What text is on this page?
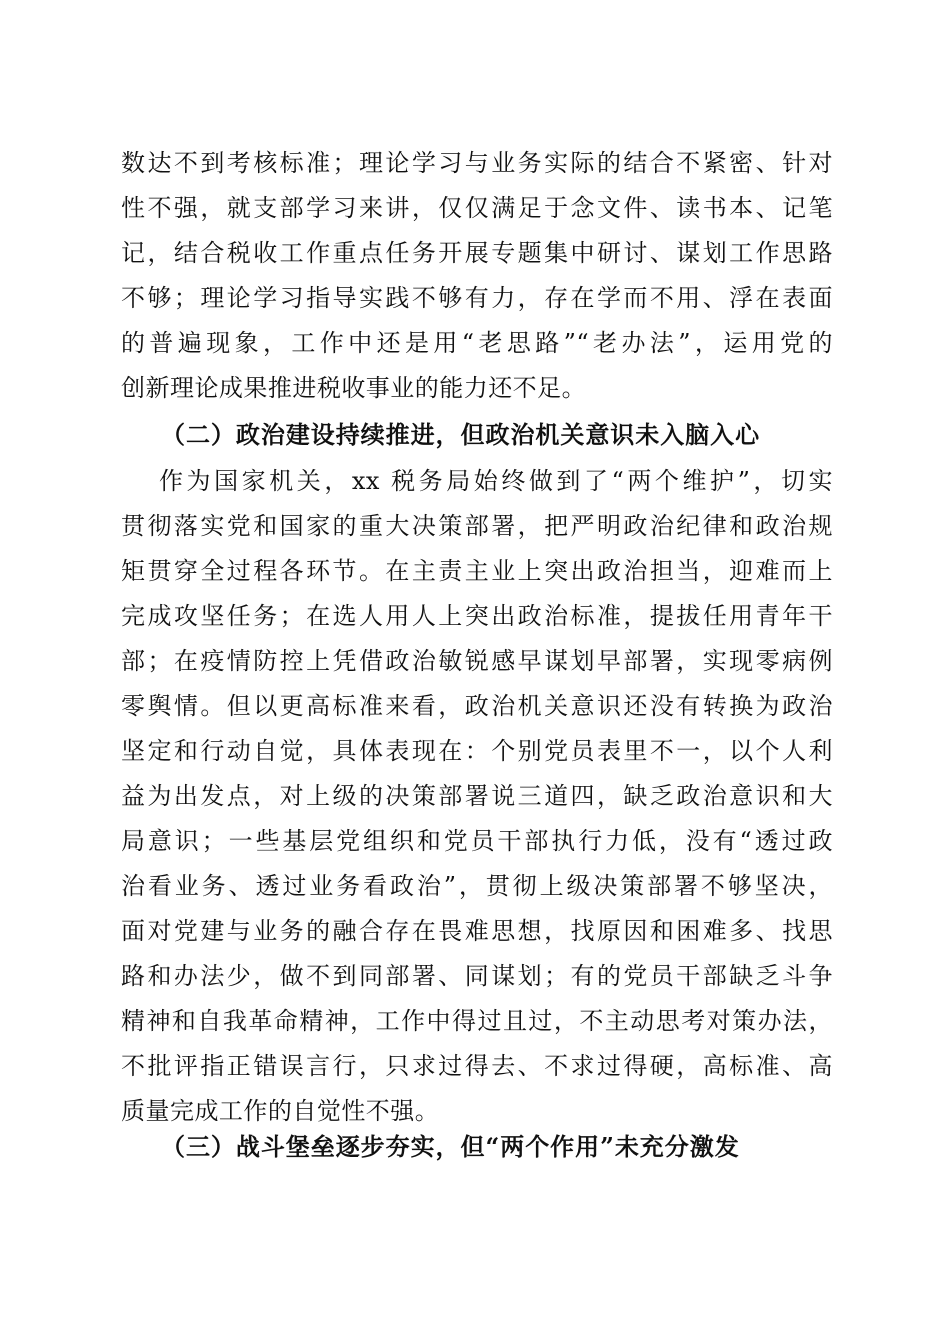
数达不到考核标准；理论学习与业务实际的结合不紧密、针对
性不强，就支部学习来讲，仅仅满足于念文件、读书本、记笔
记，结合税收工作重点任务开展专题集中研讨、谋划工作思路
不够；理论学习指导实践不够有力，存在学而不用、浮在表面
的普遍现象，工作中还是用“老思路”“老办法”，运用党的
创新理论成果推进税收事业的能力还不足。
（二）政治建设持续推进，但政治机关意识未入脑入心
作为国家机关，xx 税务局始终做到了“两个维护”，切实
贯彻落实党和国家的重大决策部署，把严明政治纪律和政治规
矩贯穿全过程各环节。在主责主业上突出政治担当，迎难而上
完成攻坚任务；在选人用人上突出政治标准，提拔任用青年干
部；在疫情防控上凭借政治敏锐感早谋划早部署，实现零病例
零舆情。但以更高标准来看，政治机关意识还没有转换为政治
坚定和行动自觉，具体表现在：个别党员表里不一，以个人利
益为出发点，对上级的决策部署说三道四，缺乏政治意识和大
局意识；一些基层党组织和党员干部执行力低，没有“透过政
治看业务、透过业务看政治”，贯彻上级决策部署不够坚决，
面对党建与业务的融合存在畏难思想，找原因和困难多、找思
路和办法少，做不到同部署、同谋划；有的党员干部缺乏斗争
精神和自我革命精神，工作中得过且过，不主动思考对策办法，
不批评指正错误言行，只求过得去、不求过得硬，高标准、高
质量完成工作的自觉性不强。
（三）战斗堡垒逐步夯实，但“两个作用”未充分激发
